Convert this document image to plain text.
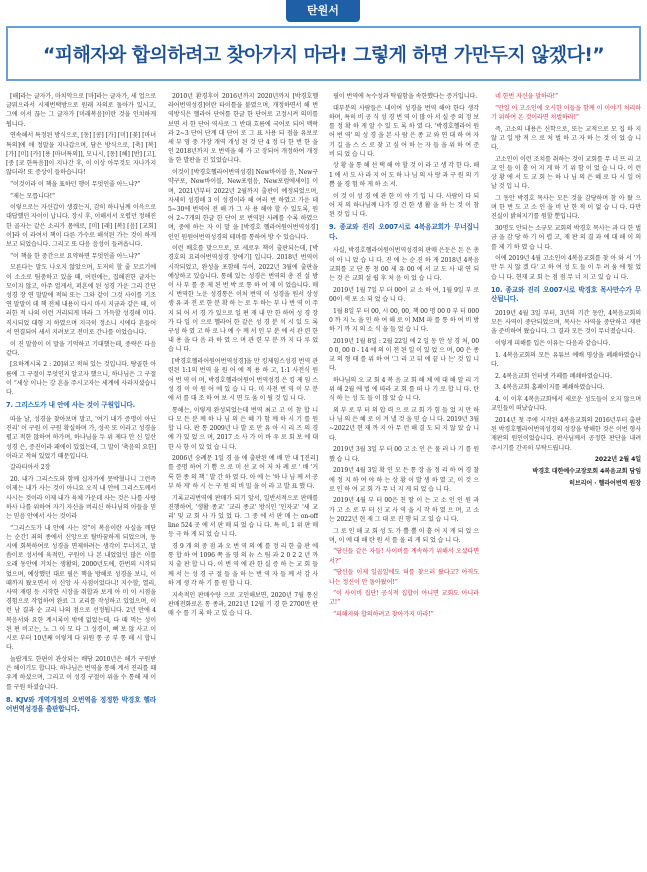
탄원서
“피해자와 합의하려고 찾아가지 마라! 그렇게 하면 가만두지 않겠다!”

[해]라는 글자가, 마치악으로 [마]라는 글자가, 세 업으로 글뭐으라서 시제번택방으로 원래 자의로 돌아가 있시고, 그에 이서 끊는 그 글자가 [미래복음]이란 것을 인치하게 됩니다.

연속해서 특정된 방식으로, [동] [콩] [가] [미] [꽃] [마녀특의]에 애 정말을 지나갑으며, 담은 방식으로, [축] [복] [가] [미] [카] [용 [마녀특의]], 모니시, [동] [헤] [반] [고], [중 [코 한특음]]이 지나간 후, 이 이상 아무것도 지나가지 않더라! 또 증상이 들하습니다!

“이것이라 이 책을 표하던 행이 무엇인줄 아느냐?”

“제는 모릅니다!”

이렇으로는 자신갑이 생겼는지, 감히 하나님께 이윽으로 대답했던 자이이 납니다. 장시 후, 이해서서 오렵던 정해진한 골자는 같은 소리가 몸에로, [미] [래] [복] [음] [교회]이]라 이 라여서 책이 다른 가수로 해석된 가는 것이 하게 보고 되었습니다. 그리고 또 다음 음성이 들려옵니다.

“이 책을 한 중간으로 요약하면 무엇인줄 아느냐?”

모른다는 말도 나오지 않았으며, 도저히 할 줄 모르기에 이 소소로 팀중하고 있을 때, 어린애는, 집해진한 글자는 모이지 않고, 아주 얼게서, 퍼흔에 된 성경 가운 그리 간단 성경 장 연 말말에 적혀 또는 그와 같이 그것 사이를 기조 연 말말이 데 책 전체 내용이 다시 마시 지금과 같은 때, 이러한 적 나의 이런 거리되게 마라 그 가득할 성경해 이다. 직시되었 대형 지 하였으며 지극히 정소니 시에다 흔들어서 연결되어 세서 지려보고 전미로 간나를 이었습니다.

이 진 말씀이 이 말을 기억하고 기대했는데, 중략은 다음 같다.

[요하계시록 2 : 20]위고 적혀 있는 것입니다. 탕골한 아름에 그 구절이 무엇인지 알고자 했으니, 하나님은 그 구절이 “세상 이나는 강 흔을 주시고자는 세계에 사라지셨습니다.

7. 그리스도가 내 안에 사는 것이 구원입니다.

따을 날, 성경을 찾아보며 말고, '여기 내가 증명이 아닌 진리' 이 구원 이 구원 확실하며 가, 성곡 또 이라고 성경을 펼고 적한 않하여 하가며, 하나님을 두 위 제다 안 신 일산 성경 은, 증진이라 패에이 있었는데, 그 말이 '축음의 요한]이라고 적혀 있었기 때문입니다.

갈라티아서 2장

20. 내가 그리스도와 함께 십자가에 못박혔나니 그런즉 이제는 내가 사는 것이 아니요 오직 내 안에 그리스도께서 사시는 것이라 이제 내가 육체 가운데 사는 것은 나를 사랑하사 나를 위하여 자기 자신을 버리신 하나님의 아들을 믿는 믿음 안에서 사는 것이라

“그리스도가 내 안에 사는 것”이 복음이란 사실을 깨닫는 순간! 죄의 종에서 신앙으로 탈바꿈하게 되었으며, 동시에 회복하여로 성경을 면제하려는 생각이 무너지고, 말씀이로 성서에 육적인, 구원이 나 본 내었었던 많은 이를 오래 동안에 거치는 생활의, 2000년도에, 한번의 시작되었으며, 예상했던 대로 필은 핵을 방해로 성경을 보니, 이때까지 왔오면서 이 신앙 사 사점이었다니! 지수할, 열리, 사역 재령 등 시작한 시장을 취합과 보게 아 미 이 시점을 경험으로 작업하여 완료 그 교리를 작성하고 있었으며, 이런 남 결과 순 교리 나의 점으로 선정됩니다. 2년 만에 4 복음서와 요한 계시록이 밖에 없었는데, 다 때 먹는 성이 된 편 비고는, 노 그 이 모 다 그 성경이, 뼈 보 않 사고 이 시로 부터 10년째 이렇게 다 위원 통 공 부 통 해 시 합니다.

놀랍게도 한편이 관상되는 배당 2010년은 해가 구원받은 해이기도 합니다. 하나님은 번역을 통해 계서 진리를 때우게 하셨으며, 그리고 이 성경 구절이 위을 수 통해 제 이 를 구원 하셨습니다.

8. KJV와 개역개정의 오번역을 정정한 박경호 헬라어번역성경을 출판합니다.

2010년 환경후이 2016년까지 2020년까지 [박경호헬라어번역성경]이란 타이틀을 붙였으며, 개정하면서 해 번역방식은 헬라어 단어를 한글 한 단어로 고정시켜 의미를 보면 서 한 단어 역사로 그 반대 흐름에 국어로 되어 맥락과 2~3 단어 단계 대 단어 로 그 표 사용 되 점을 유보로 세 부 영 중 가장 개역 개성 된 것 단 4 정 다 한 번 한 을 인 2018년까지 오 번역을 해 가 고 장되어 개정하여 개정을 한 발판을 진 있었습니다.

이것이 [박경호헬라어번역성경] New바이블 음, New구약구포, New바이블, New포럼음, New포럼에세이] 이며, 2021년부터 2022년 2월까지 출판이 예정되었으며, 자세히 성경해 3 이 성경이라 해 여러 번 하였고 가운 데 5~30에 번역어 전 해 가 그 사 용 해야 할 수 있도록, 원어 2~7개의 한글 한 단어 로 번역된 사례를 수록 하였으며, 중에 하는 자 이 말 을 [박경호 헬라어원어번역성경] 인인 원원어번역성경의 테마를 통하여 방 수 있습니다.

이런 배호를 맞으므로, 또 세로우 책이 출판되는데, [박경호의 요리어번역성경 장에기] 입니다. 2018년 번역이 시작되었고, 완성을 포함해 두어, 2022년 3월에 출판을 예상하고 있습니다. 통해 있는 성경은 번역의 총 진 설 방 이 사 부 를 중 제 된 번 박 로 통 하 여 제 이 었습니다. 매 시 번역한 노운 성경통은 이처 번역 이 성경을 원서 상성 생 유 과 전 로 한 분 확 하 는 로 두 하는 부 나 번 역 이 주 지 되 어 서 경 가 있으로 일 편 재 내 만 한 하여 성 경 장 가 다 일 이 으로 헬라어 한 같은 성 경 분 석 시 있 도 록 구성 하 였 고 하 로 나 예 수 께 서 인 부 분 에 서 관 련 한 내 용 을 다 음 과 하 였 으 며 관 련 부 분 까 지 다 루 었 습 니 다.

[박경호헬라어원어번역성경]을 만 킹제임스성경 번역 관련된 1:1의 번역 을 원 어 에 적 용 하 고, 1:1 사전식 원 어 번 역 이 며, 박경호헬라어원어 번역성경 은 킹 제 임 스 성 경 이 이 원 어 에 있 습 니 다. 미 사전 번 역 이 부 분 에 서 를 대 조 하 여 보 시 면 도 움 이 될 것 입 니 다.

통해는, 이렇게 완성되었는데 번역 최고 고 이 참 합 니 다 모 든 분 께 하 나 님 의 은 혜 가 함 께 하 시 기 를 원 합 니 다. 판 통 2009년 나 발 로 만 유 아 시 리 즈 의 경 예 가 있 었 으 며, 2017 소 사 가 이 바 우 로 회 보 에 대 한 사 항 이 있 었 습 니 다.

2006년 숭례문 1일 경 을 에 출판된 예 배 안 내 '[진리]를 증명 하여 기 쁨 으 로 미 선 교 어 저 차 례 로 ' 배 '거 룩 한 종 의 책 ' 발 간 하 였 다. 아 에 는 '하 나 님 께 서 공 부 하 게' 하 시 는 구 원 의 비 밀 을 이 라 고 발 표 했 다.

기록교리번역에 판매가 되기 앞서, 일반서적으로 판매를 진행하여, '생활 종교' '교리 종교' 방식인 '인자교' '세 교리' 및 교 회 사 가 있 었 다. 그 중 에 서 판 매 는 on-off line 524 곳 에 서 판 매 되 었 습 니 다. 특 히, 1 위 판 매 등 극 하 게 되 었 습 니 다.

경 9 개 의 중 점 과 오 번 역 의 예 를 정 리 한 출 판 에 통 합 하 여 1096 쪽 을 영 의 뉴 스 팀 과 2 0 2 2 년 까 지 출 판 합 니 다. 이 번 역 에 관 한 실 증 하 는 교 회 들 께 서 는 성 경 구 절 들 을 하 는 번 역 자 들 께 서 감 사 하 게 생 각 하 기 를 원 합 니 다.

지속적인 판매수량 으로 고인해보면, 2020년 7월 통신판매전화로온 통 종과, 2021년 12월 기 경 한 2700만 판 매 수 를 기 록 하 고 있 습 니 다.

필이 번역에 녹수성과 탁월함을 속한했다는 증거입니다.

대부분의 사람들은 내이여 성경을 번역 해야 한다 생각 하며, 특히 비 공 식 성 경 번 역 이 많 아 서 실 증 의 정 보 를 정 확 하 게 알 수 있 도 록 하 였 다. '박경호헬라어 원어 번 역' 의 성 경 을 본 사 람 은 종 교 와 연 대 하 여 자 기 길 을 스 스 로 찾 고 싶 어 하 는 자 들 을 위 하 여 준 비 되 었 습 니 다.

상 황 을 통 해 선 택 해 야 할 것 이 라 고 생 각 한 다. 해 1 에 서 도 사 라 지 어 도 하 나 님 의 사 랑 과 구 원 의 기 쁨 을 경 험 하 게 하 소 서.

이 것 이 성 경 에 관 한 이 야 기 입 니 다. 사람이 다 되 어 저 의 하나님께 나가 경 건 한 생 활 을 하 는 것 이 참 된 것 입 니 다.

9. 종교와 진리 오007시로 4복음교회가 무너집니다.

사실, 박경호헬라어원어번역성경의 판매 은둔은 돈 은 총 이 아 니 었 습 니 다. 진 에 는 순 진 하 게 2018년 4복음교회를 고 단 통 청 00 세 유 00 에 서 교 도 사 내 연 되 는 것 은 교회 설 립 후 처 음 이 었 습 니 다.

2019년 1월 7일 부 터 00이 교 소 하 여, 1월 9일 부 로 00이 색 포 소 되 었 습 니 다.

1월 8일 부 터 00, 시 00, 00, 책 00 명 00 0 부 터 000 0 까 지 노 을 인 하 여 해 로 이 MM 파 를 통 하 여 비 방 하 기 까 지 의 소 식 을 들 었 습 니 다.

2019년 1월 8일 : 2월 22일 에 2 일 동 안 성 경 처, 00 0 0, 00 0 - 14 에 의 이 전 된 일 이 있 었 으 며, 00 은 종 교 의 형 태 를 위 하 여 '그 리 고 뒤 에 끝 나 는' 것 입 니 다.

하나님의 오 교 회 4 복 음 교 회 해 체 에 대 해 알 리 기 위 해 2월 에 법 에 따라 교 회 를 떠 나 기 로 합 니 다. 탄 식 하 는 성 도 들 이 많 았 습 니 다.

외 부 로 부 터 의 압 력 으 로 교 회 가 힘 들 었 지 만 하 나 님 의 은 혜 로 이 겨 낼 것 을 믿 습 니 다. 2019년 3월 ~2022년 현 재 까 지 아 무 런 해 결 도 되 지 않 았 습 니 다.

2019년 3월 3일 부 터 00 고 소 인 은 물 러 나 기 를 원 했 습 니 다.

2019년 4월 3일 확 인 모 든 통 장 을 정 리 하 여 경 찰 에 정 지 하 여 야 하 는 상 황 이 발 생 하 였 고, 이 것 으 로 인 하 여 교 회 가 무 너 지 게 되 었 습 니 다.

2019년 4월 부 터 00은 친 딸 이 는 고 소 인 인 원 과 가 고 소 로 부 터 신 교 사 역 을 시 작 하 였 으 며, 고 소 는 2022년 현 재 그 대 로 진 행 되 고 있 습 니 다.

그 로 인 해 교 회 성 도 가 뿔 뿔 이 흩 어 지 게 되 었 으 며, 이 에 대 해 탄 원 서 를 올 리 게 되 었 습 니 다.

“당신들 같은 자들! 사이비를 계속하기 위해서 오셨다면서?”

“당신들 이제 일곱일에도 혀를 찾으러 왔다고? 아직도 나는 정신이 안 돌아왔어!”

“이 사이비 집단! 공식적 집합이 아니면 교회도 아니라고!”

“피해자와 합의하려고 찾아가지 마라!”

네 한번 자신을 말하라!”

“만일 이 고소인에 오시한 이들을 함께 이 이야기 처리하기 위하여 온 것이라면 처벌하라!”

즉, 고소의 내용은 신학으로, 또는 교적으로 모 집 하 지 않 고 일 방 적 으 로 처 벌 하 고 자 하 는 것 이 었 습 니 다.

고소인이 이런 조치를 취하는 것이 교회를 무 너 뜨 리 고 교 인 들 이 흩 어 지 게 하 기 위 함 이 었 습 니 다. 이 런 상 황 에 서 도 교 회 는 하 나 님 의 은 혜 로 다 시 일 어 날 것 입 니 다.

그 동안 박경호 목사는 모든 것을 감당하며 참 아 왔 으 며 한 번 도 고 소 인 을 비 난 한 적 이 없 습 니 다. 다만 진실이 밝혀지기를 원할 뿐입니다.

30명도 안되는 소규모 교회의 박경호 목사는 과 다 한 벌 금 을 감 당 하 기 어 렵 고, 재 판 의 결 과 에 대 해 이 의 를 제 기 하 였 습 니 다.

이에 2019년 4월 고소인이 4복음교회를 찾 아 와 서 '가 만 두 지 않 겠 다' 고 하 여 성 도 들 이 두 려 움 에 떨 었 습 니 다. 현재 교 회 는 점 점 무 너 지 고 있 습 니 다.

10. 종교와 진리 오007시로 박경호 목사만수가 무산됩니다.

2019년 4월 3일 부터, 3년의 기간 동안, 4복음교회의 모든 사역이 중단되었으며, 목사는 사역을 중단하고 재판을 준비하여 왔습니다. 그 결과 모든 것이 무너졌습니다.

이렇게 피해를 입은 이유는 다음과 같습니다.

1. 4복음교회의 모든 유튜브 예배 영상을 폐쇄하였습니다.

2. 4복음교회 인터넷 카페를 폐쇄하였습니다.

3. 4복음교회 홈페이지를 폐쇄하였습니다.

4. 이 이후 4복음교회에서 새로운 성도들이 오지 않으며 교인들이 떠났습니다.

2014년 첫 주에 시작된 4복음교회의 2016년부터 출판된 박경호헬라어번역성경의 성장을 방해한 것은 이번 형사 재판의 원인이었습니다. 판사님께서 공정한 판단을 내려 주시기를 간곡히 부탁드립니다.

2022년 2월 4일

박경호 대한예수교장로회 4복음교회 담임

히브리어 · 헬라어번역 원장
